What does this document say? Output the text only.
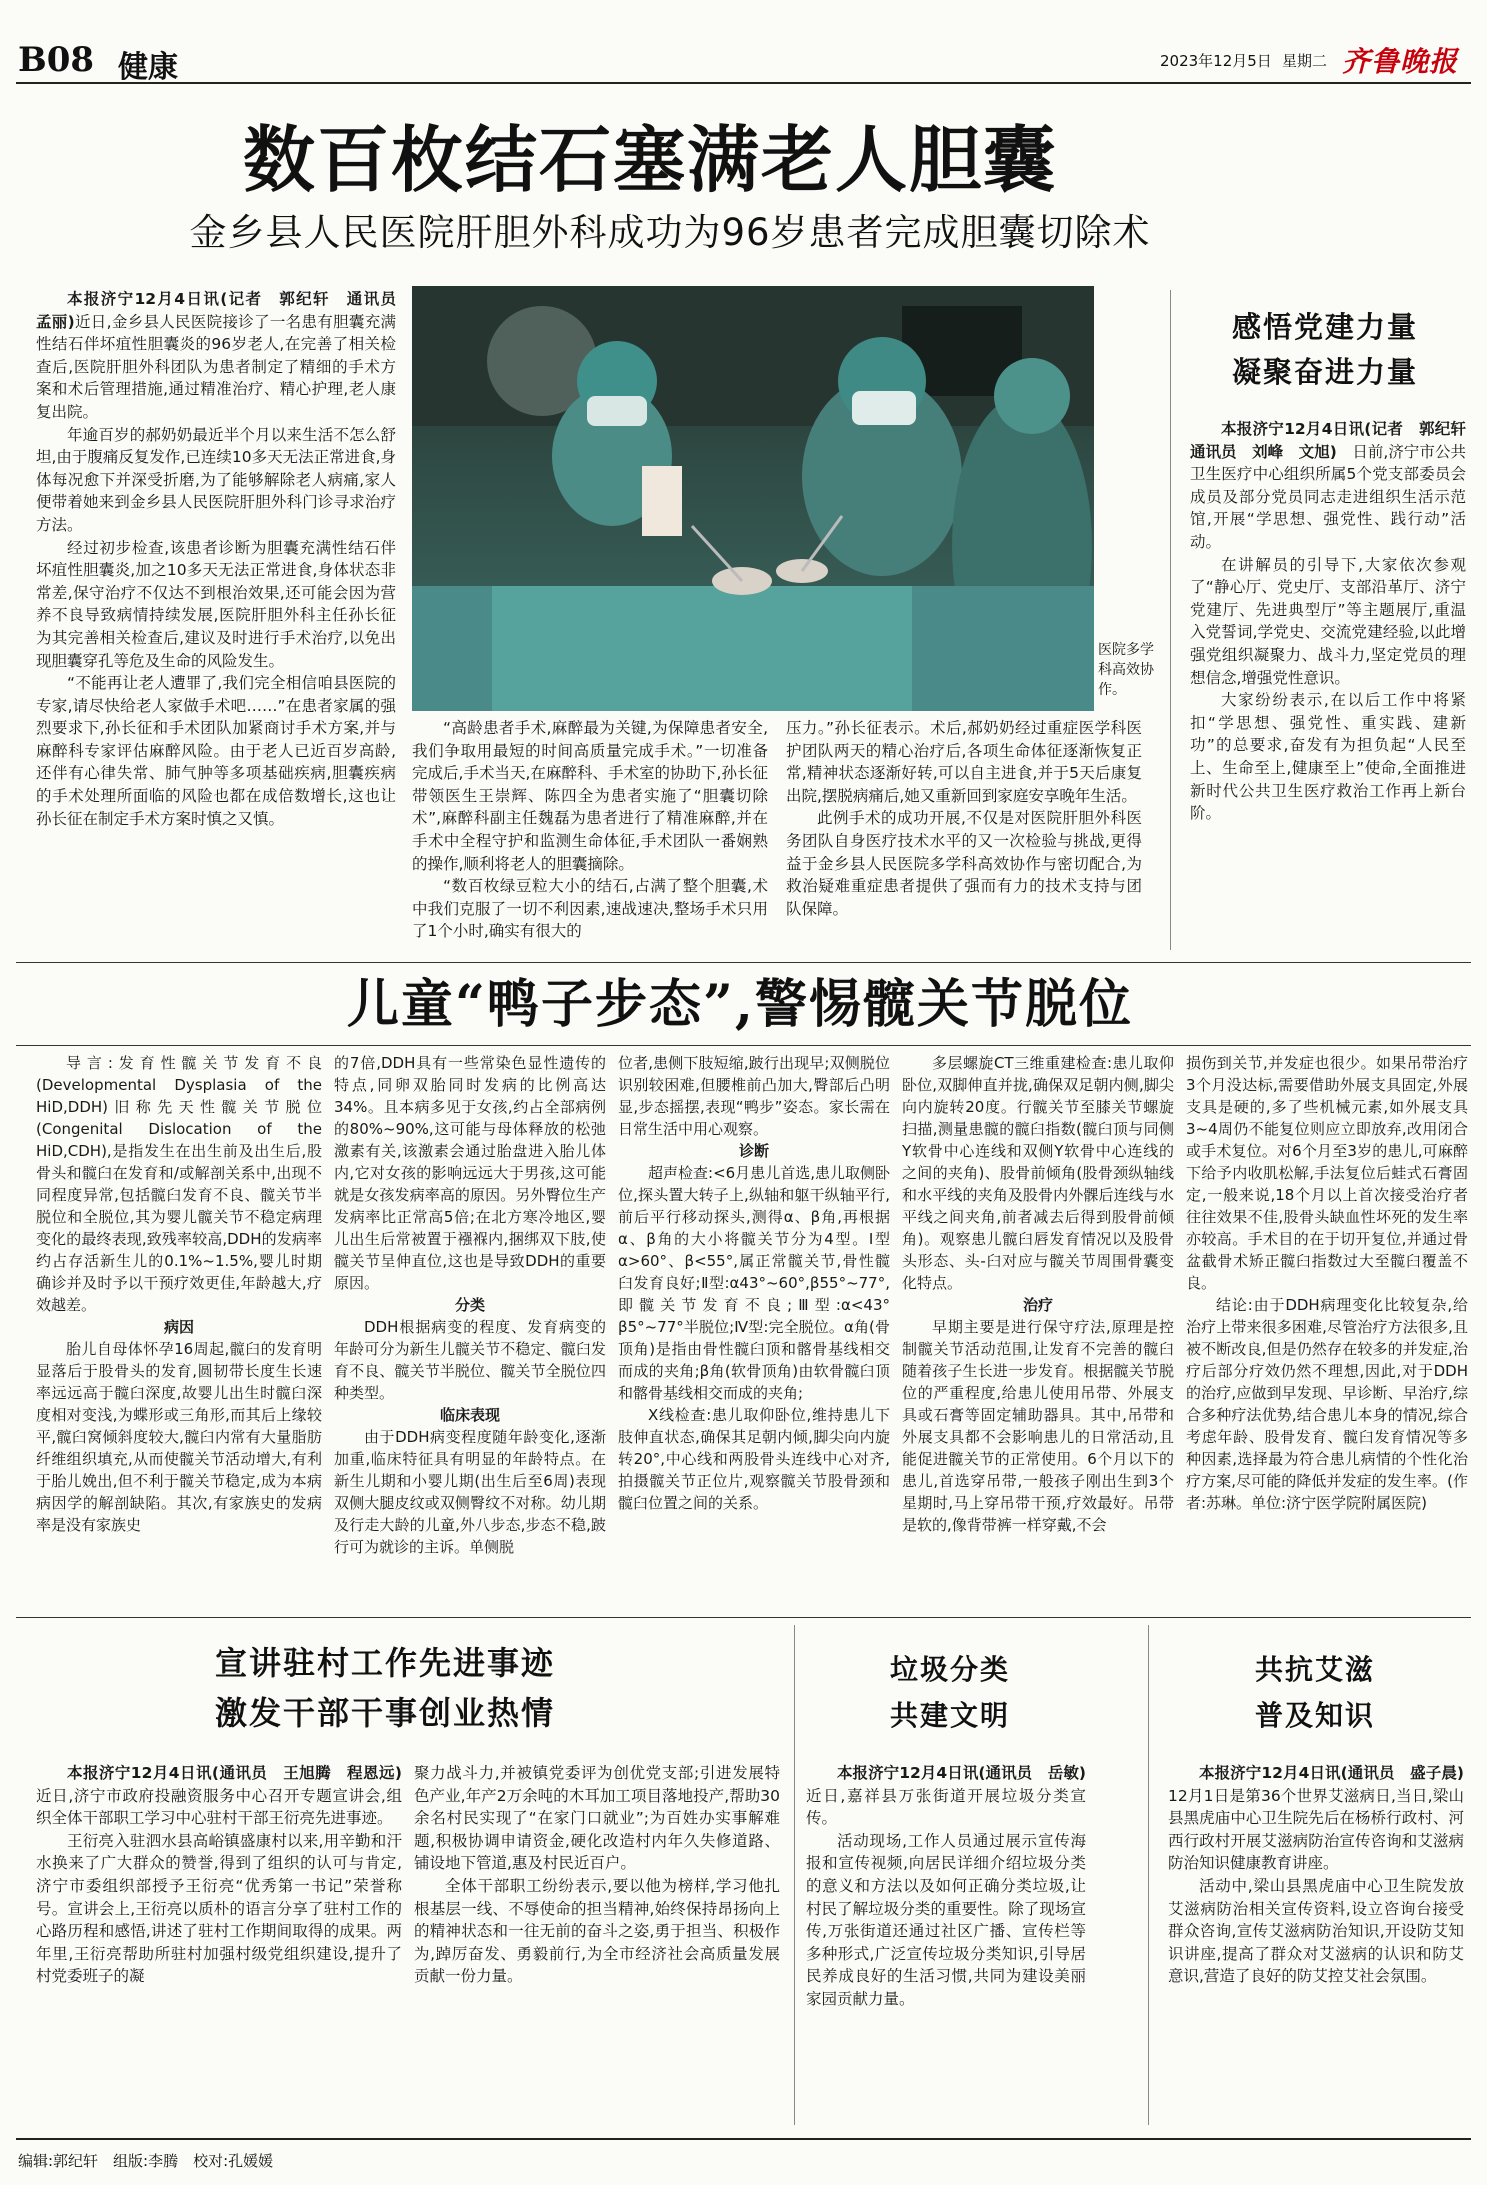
B08 健康	2023年12月5日 星期二 齐鲁晚报
数百枚结石塞满老人胆囊
金乡县人民医院肝胆外科成功为96岁患者完成胆囊切除术

本报济宁12月4日讯(记者　郭纪轩　通讯员　孟丽)近日,金乡县人民医院接诊了一名患有胆囊充满性结石伴坏疽性胆囊炎的96岁老人,在完善了相关检查后,医院肝胆外科团队为患者制定了精细的手术方案和术后管理措施,通过精准治疗、精心护理,老人康复出院。

年逾百岁的郝奶奶最近半个月以来生活不怎么舒坦,由于腹痛反复发作,已连续10多天无法正常进食,身体每况愈下并深受折磨,为了能够解除老人病痛,家人便带着她来到金乡县人民医院肝胆外科门诊寻求治疗方法。

经过初步检查,该患者诊断为胆囊充满性结石伴坏疽性胆囊炎,加之10多天无法正常进食,身体状态非常差,保守治疗不仅达不到根治效果,还可能会因为营养不良导致病情持续发展,医院肝胆外科主任孙长征为其完善相关检查后,建议及时进行手术治疗,以免出现胆囊穿孔等危及生命的风险发生。

“不能再让老人遭罪了,我们完全相信咱县医院的专家,请尽快给老人家做手术吧……”在患者家属的强烈要求下,孙长征和手术团队加紧商讨手术方案,并与麻醉科专家评估麻醉风险。由于老人已近百岁高龄,还伴有心律失常、肺气肿等多项基础疾病,胆囊疾病的手术处理所面临的风险也都在成倍数增长,这也让孙长征在制定手术方案时慎之又慎。

医院多学科高效协作。

“高龄患者手术,麻醉最为关键,为保障患者安全,我们争取用最短的时间高质量完成手术。”一切准备完成后,手术当天,在麻醉科、手术室的协助下,孙长征带领医生王崇辉、陈四全为患者实施了“胆囊切除术”,麻醉科副主任魏磊为患者进行了精准麻醉,并在手术中全程守护和监测生命体征,手术团队一番娴熟的操作,顺利将老人的胆囊摘除。

“数百枚绿豆粒大小的结石,占满了整个胆囊,术中我们克服了一切不利因素,速战速决,整场手术只用了1个小时,确实有很大的

压力。”孙长征表示。术后,郝奶奶经过重症医学科医护团队两天的精心治疗后,各项生命体征逐渐恢复正常,精神状态逐渐好转,可以自主进食,并于5天后康复出院,摆脱病痛后,她又重新回到家庭安享晚年生活。

此例手术的成功开展,不仅是对医院肝胆外科医务团队自身医疗技术水平的又一次检验与挑战,更得益于金乡县人民医院多学科高效协作与密切配合,为救治疑难重症患者提供了强而有力的技术支持与团队保障。

感悟党建力量
凝聚奋进力量

本报济宁12月4日讯(记者　郭纪轩　通讯员　刘峰　文旭)　 日前,济宁市公共卫生医疗中心组织所属5个党支部委员会成员及部分党员同志走进组织生活示范馆,开展“学思想、强党性、践行动”活动。

在讲解员的引导下,大家依次参观了“静心厅、党史厅、支部沿革厅、济宁党建厅、先进典型厅”等主题展厅,重温入党誓词,学党史、交流党建经验,以此增强党组织凝聚力、战斗力,坚定党员的理想信念,增强党性意识。

大家纷纷表示,在以后工作中将紧扣“学思想、强党性、重实践、建新功”的总要求,奋发有为担负起“人民至上、生命至上,健康至上”使命,全面推进新时代公共卫生医疗救治工作再上新台阶。

儿童“鸭子步态”,警惕髋关节脱位

导言:发育性髋关节发育不良(Developmental Dysplasia of the HiD,DDH)旧称先天性髋关节脱位(Congenital Dislocation of the HiD,CDH),是指发生在出生前及出生后,股骨头和髋臼在发育和/或解剖关系中,出现不同程度异常,包括髋臼发育不良、髋关节半脱位和全脱位,其为婴儿髋关节不稳定病理变化的最终表现,致残率较高,DDH的发病率约占存活新生儿的0.1%~1.5%,婴儿时期确诊并及时予以干预疗效更佳,年龄越大,疗效越差。

病因

胎儿自母体怀孕16周起,髋臼的发育明显落后于股骨头的发育,圆韧带长度生长速率远远高于髋臼深度,故婴儿出生时髋臼深度相对变浅,为蝶形或三角形,而其后上缘较平,髋臼窝倾斜度较大,髋臼内常有大量脂肪纤维组织填充,从而使髋关节活动增大,有利于胎儿娩出,但不利于髋关节稳定,成为本病病因学的解剖缺陷。其次,有家族史的发病率是没有家族史

的7倍,DDH具有一些常染色显性遗传的特点,同卵双胎同时发病的比例高达34%。且本病多见于女孩,约占全部病例的80%~90%,这可能与母体释放的松弛激素有关,该激素会通过胎盘进入胎儿体内,它对女孩的影响远远大于男孩,这可能就是女孩发病率高的原因。另外臀位生产发病率比正常高5倍;在北方寒冷地区,婴儿出生后常被置于襁褓内,捆绑双下肢,使髋关节呈伸直位,这也是导致DDH的重要原因。

分类

DDH根据病变的程度、发育病变的年龄可分为新生儿髋关节不稳定、髋臼发育不良、髋关节半脱位、髋关节全脱位四种类型。

临床表现

由于DDH病变程度随年龄变化,逐渐加重,临床特征具有明显的年龄特点。在新生儿期和小婴儿期(出生后至6周)表现双侧大腿皮纹或双侧臀纹不对称。幼儿期及行走大龄的儿童,外八步态,步态不稳,跛行可为就诊的主诉。单侧脱

位者,患侧下肢短缩,跛行出现早;双侧脱位识别较困难,但腰椎前凸加大,臀部后凸明显,步态摇摆,表现“鸭步”姿态。家长需在日常生活中用心观察。

诊断

超声检查:<6月患儿首选,患儿取侧卧位,探头置大转子上,纵轴和躯干纵轴平行,前后平行移动探头,测得α、β角,再根据α、β角的大小将髋关节分为4型。Ⅰ型α>60°、β<55°,属正常髋关节,骨性髋臼发育良好;Ⅱ型:α43°~60°,β55°~77°,即髋关节发育不良;Ⅲ型:α<43° β5°~77°半脱位;Ⅳ型:完全脱位。α角(骨顶角)是指由骨性髋臼顶和髂骨基线相交而成的夹角;β角(软骨顶角)由软骨髋臼顶和髂骨基线相交而成的夹角;

X线检查:患儿取仰卧位,维持患儿下肢伸直状态,确保其足朝内倾,脚尖向内旋转20°,中心线和两股骨头连线中心对齐,拍摄髋关节正位片,观察髋关节股骨颈和髋臼位置之间的关系。

多层螺旋CT三维重建检查:患儿取仰卧位,双脚伸直并拢,确保双足朝内侧,脚尖向内旋转20度。行髋关节至膝关节螺旋扫描,测量患髋的髋臼指数(髋臼顶与同侧Y软骨中心连线和双侧Y软骨中心连线的之间的夹角)、股骨前倾角(股骨颈纵轴线和水平线的夹角及股骨内外髁后连线与水平线之间夹角,前者减去后得到股骨前倾角)。观察患儿髋臼唇发育情况以及股骨头形态、头-臼对应与髋关节周围骨囊变化特点。

治疗

早期主要是进行保守疗法,原理是控制髋关节活动范围,让发育不完善的髋臼随着孩子生长进一步发育。根据髋关节脱位的严重程度,给患儿使用吊带、外展支具或石膏等固定辅助器具。其中,吊带和外展支具都不会影响患儿的日常活动,且能促进髋关节的正常使用。6个月以下的患儿,首选穿吊带,一般孩子刚出生到3个星期时,马上穿吊带干预,疗效最好。吊带是软的,像背带裤一样穿戴,不会

损伤到关节,并发症也很少。如果吊带治疗3个月没达标,需要借助外展支具固定,外展支具是硬的,多了些机械元素,如外展支具3~4周仍不能复位则应立即放弃,改用闭合或手术复位。对6个月至3岁的患儿,可麻醉下给予内收肌松解,手法复位后蛙式石膏固定,一般来说,18个月以上首次接受治疗者往往效果不佳,股骨头缺血性坏死的发生率亦较高。手术目的在于切开复位,并通过骨盆截骨术矫正髋臼指数过大至髋臼覆盖不良。

结论:由于DDH病理变化比较复杂,给治疗上带来很多困难,尽管治疗方法很多,且被不断改良,但是仍然存在较多的并发症,治疗后部分疗效仍然不理想,因此,对于DDH的治疗,应做到早发现、早诊断、早治疗,综合多种疗法优势,结合患儿本身的情况,综合考虑年龄、股骨发育、髋臼发育情况等多种因素,选择最为符合患儿病情的个性化治疗方案,尽可能的降低并发症的发生率。(作者:苏琳。单位:济宁医学院附属医院)

宣讲驻村工作先进事迹
激发干部干事创业热情

本报济宁12月4日讯(通讯员　王旭腾　程恩远)　近日,济宁市政府投融资服务中心召开专题宣讲会,组织全体干部职工学习中心驻村干部王衍亮先进事迹。

王衍亮入驻泗水县高峪镇盛康村以来,用辛勤和汗水换来了广大群众的赞誉,得到了组织的认可与肯定,济宁市委组织部授予王衍亮“优秀第一书记”荣誉称号。宣讲会上,王衍亮以质朴的语言分享了驻村工作的心路历程和感悟,讲述了驻村工作期间取得的成果。两年里,王衍亮帮助所驻村加强村级党组织建设,提升了村党委班子的凝

聚力战斗力,并被镇党委评为创优党支部;引进发展特色产业,年产2万余吨的木耳加工项目落地投产,帮助30余名村民实现了“在家门口就业”;为百姓办实事解难题,积极协调申请资金,硬化改造村内年久失修道路、铺设地下管道,惠及村民近百户。

全体干部职工纷纷表示,要以他为榜样,学习他扎根基层一线、不辱使命的担当精神,始终保持昂扬向上的精神状态和一往无前的奋斗之姿,勇于担当、积极作为,踔厉奋发、勇毅前行,为全市经济社会高质量发展贡献一份力量。

垃圾分类
共建文明

本报济宁12月4日讯(通讯员　岳敏)　近日,嘉祥县万张街道开展垃圾分类宣传。

活动现场,工作人员通过展示宣传海报和宣传视频,向居民详细介绍垃圾分类的意义和方法以及如何正确分类垃圾,让村民了解垃圾分类的重要性。除了现场宣传,万张街道还通过社区广播、宣传栏等多种形式,广泛宣传垃圾分类知识,引导居民养成良好的生活习惯,共同为建设美丽家园贡献力量。

共抗艾滋
普及知识

本报济宁12月4日讯(通讯员　盛子晨)　12月1日是第36个世界艾滋病日,当日,梁山县黑虎庙中心卫生院先后在杨桥行政村、河西行政村开展艾滋病防治宣传咨询和艾滋病防治知识健康教育讲座。

活动中,梁山县黑虎庙中心卫生院发放艾滋病防治相关宣传资料,设立咨询台接受群众咨询,宣传艾滋病防治知识,开设防艾知识讲座,提高了群众对艾滋病的认识和防艾意识,营造了良好的防艾控艾社会氛围。

编辑:郭纪轩　组版:李腾　校对:孔媛媛
